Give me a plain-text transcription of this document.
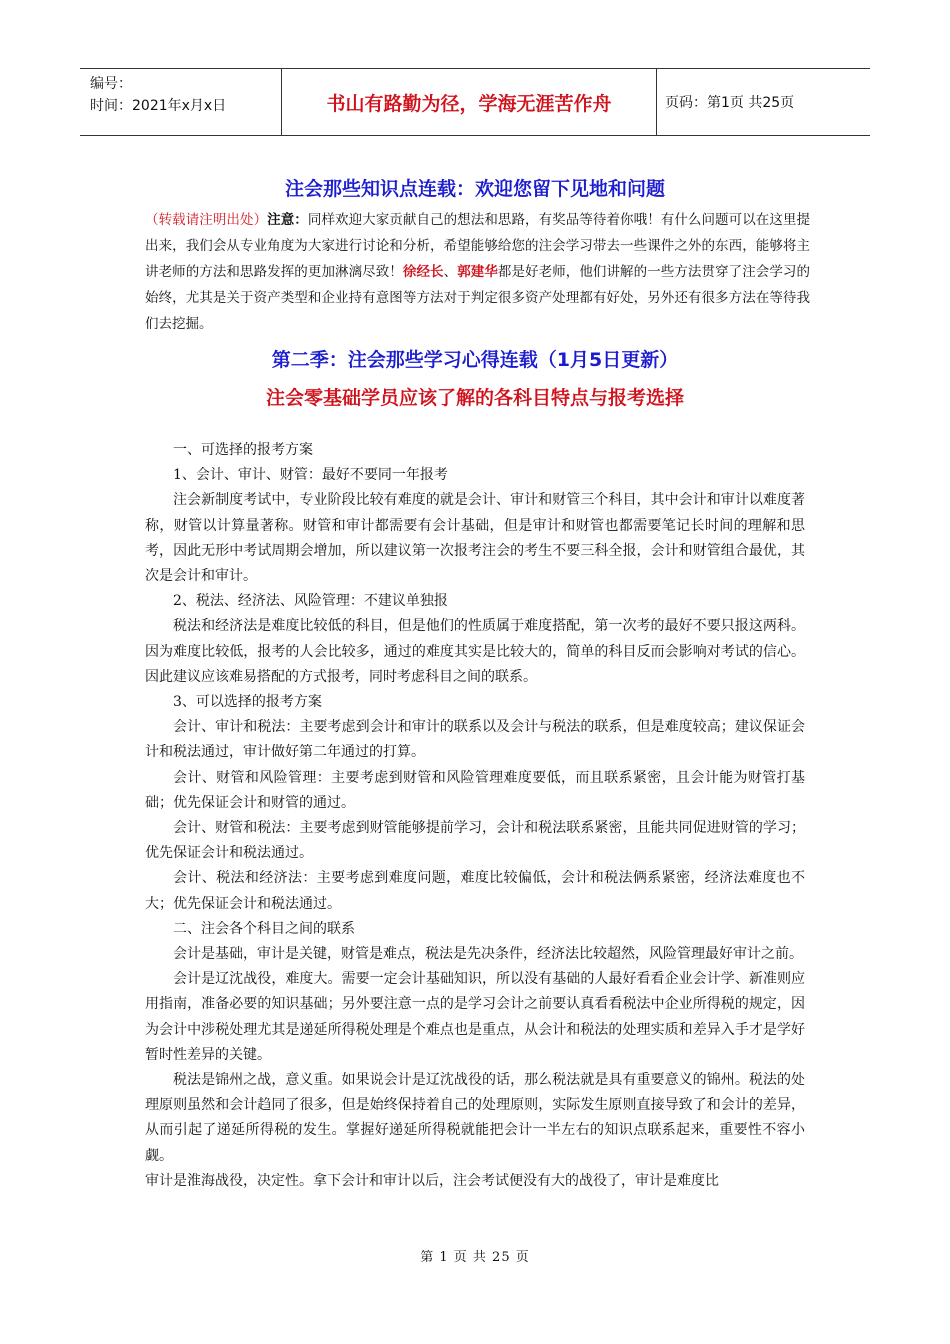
编号：
时间：2021年x月x日	书山有路勤为径，学海无涯苦作舟	页码：第1页 共25页
注会那些知识点连载：欢迎您留下见地和问题
（转载请注明出处）注意：同样欢迎大家贡献自己的想法和思路，有奖品等待着你哦！有什么问题可以在这里提出来，我们会从专业角度为大家进行讨论和分析，希望能够给您的注会学习带去一些课件之外的东西，能够将主讲老师的方法和思路发挥的更加淋漓尽致！徐经长、郭建华都是好老师，他们讲解的一些方法贯穿了注会学习的始终，尤其是关于资产类型和企业持有意图等方法对于判定很多资产处理都有好处，另外还有很多方法在等待我们去挖掘。
第二季：注会那些学习心得连载（1月5日更新）
注会零基础学员应该了解的各科目特点与报考选择

一、可选择的报考方案

1、会计、审计、财管：最好不要同一年报考

注会新制度考试中，专业阶段比较有难度的就是会计、审计和财管三个科目，其中会计和审计以难度著称，财管以计算量著称。财管和审计都需要有会计基础，但是审计和财管也都需要笔记长时间的理解和思考，因此无形中考试周期会增加，所以建议第一次报考注会的考生不要三科全报，会计和财管组合最优，其次是会计和审计。

2、税法、经济法、风险管理：不建议单独报

税法和经济法是难度比较低的科目，但是他们的性质属于难度搭配，第一次考的最好不要只报这两科。因为难度比较低，报考的人会比较多，通过的难度其实是比较大的，简单的科目反而会影响对考试的信心。因此建议应该难易搭配的方式报考，同时考虑科目之间的联系。

3、可以选择的报考方案

会计、审计和税法：主要考虑到会计和审计的联系以及会计与税法的联系，但是难度较高；建议保证会计和税法通过，审计做好第二年通过的打算。

会计、财管和风险管理：主要考虑到财管和风险管理难度要低，而且联系紧密，且会计能为财管打基础；优先保证会计和财管的通过。

会计、财管和税法：主要考虑到财管能够提前学习，会计和税法联系紧密，且能共同促进财管的学习；优先保证会计和税法通过。

会计、税法和经济法：主要考虑到难度问题，难度比较偏低，会计和税法俩系紧密，经济法难度也不大；优先保证会计和税法通过。

二、注会各个科目之间的联系

会计是基础，审计是关键，财管是难点，税法是先决条件，经济法比较超然，风险管理最好审计之前。

会计是辽沈战役，难度大。需要一定会计基础知识，所以没有基础的人最好看看企业会计学、新准则应用指南，准备必要的知识基础；另外要注意一点的是学习会计之前要认真看看税法中企业所得税的规定，因为会计中涉税处理尤其是递延所得税处理是个难点也是重点，从会计和税法的处理实质和差异入手才是学好暂时性差异的关键。

税法是锦州之战，意义重。如果说会计是辽沈战役的话，那么税法就是具有重要意义的锦州。税法的处理原则虽然和会计趋同了很多，但是始终保持着自己的处理原则，实际发生原则直接导致了和会计的差异，从而引起了递延所得税的发生。掌握好递延所得税就能把会计一半左右的知识点联系起来，重要性不容小觑。

审计是淮海战役，决定性。拿下会计和审计以后，注会考试便没有大的战役了，审计是难度比

第 1 页 共 25 页
